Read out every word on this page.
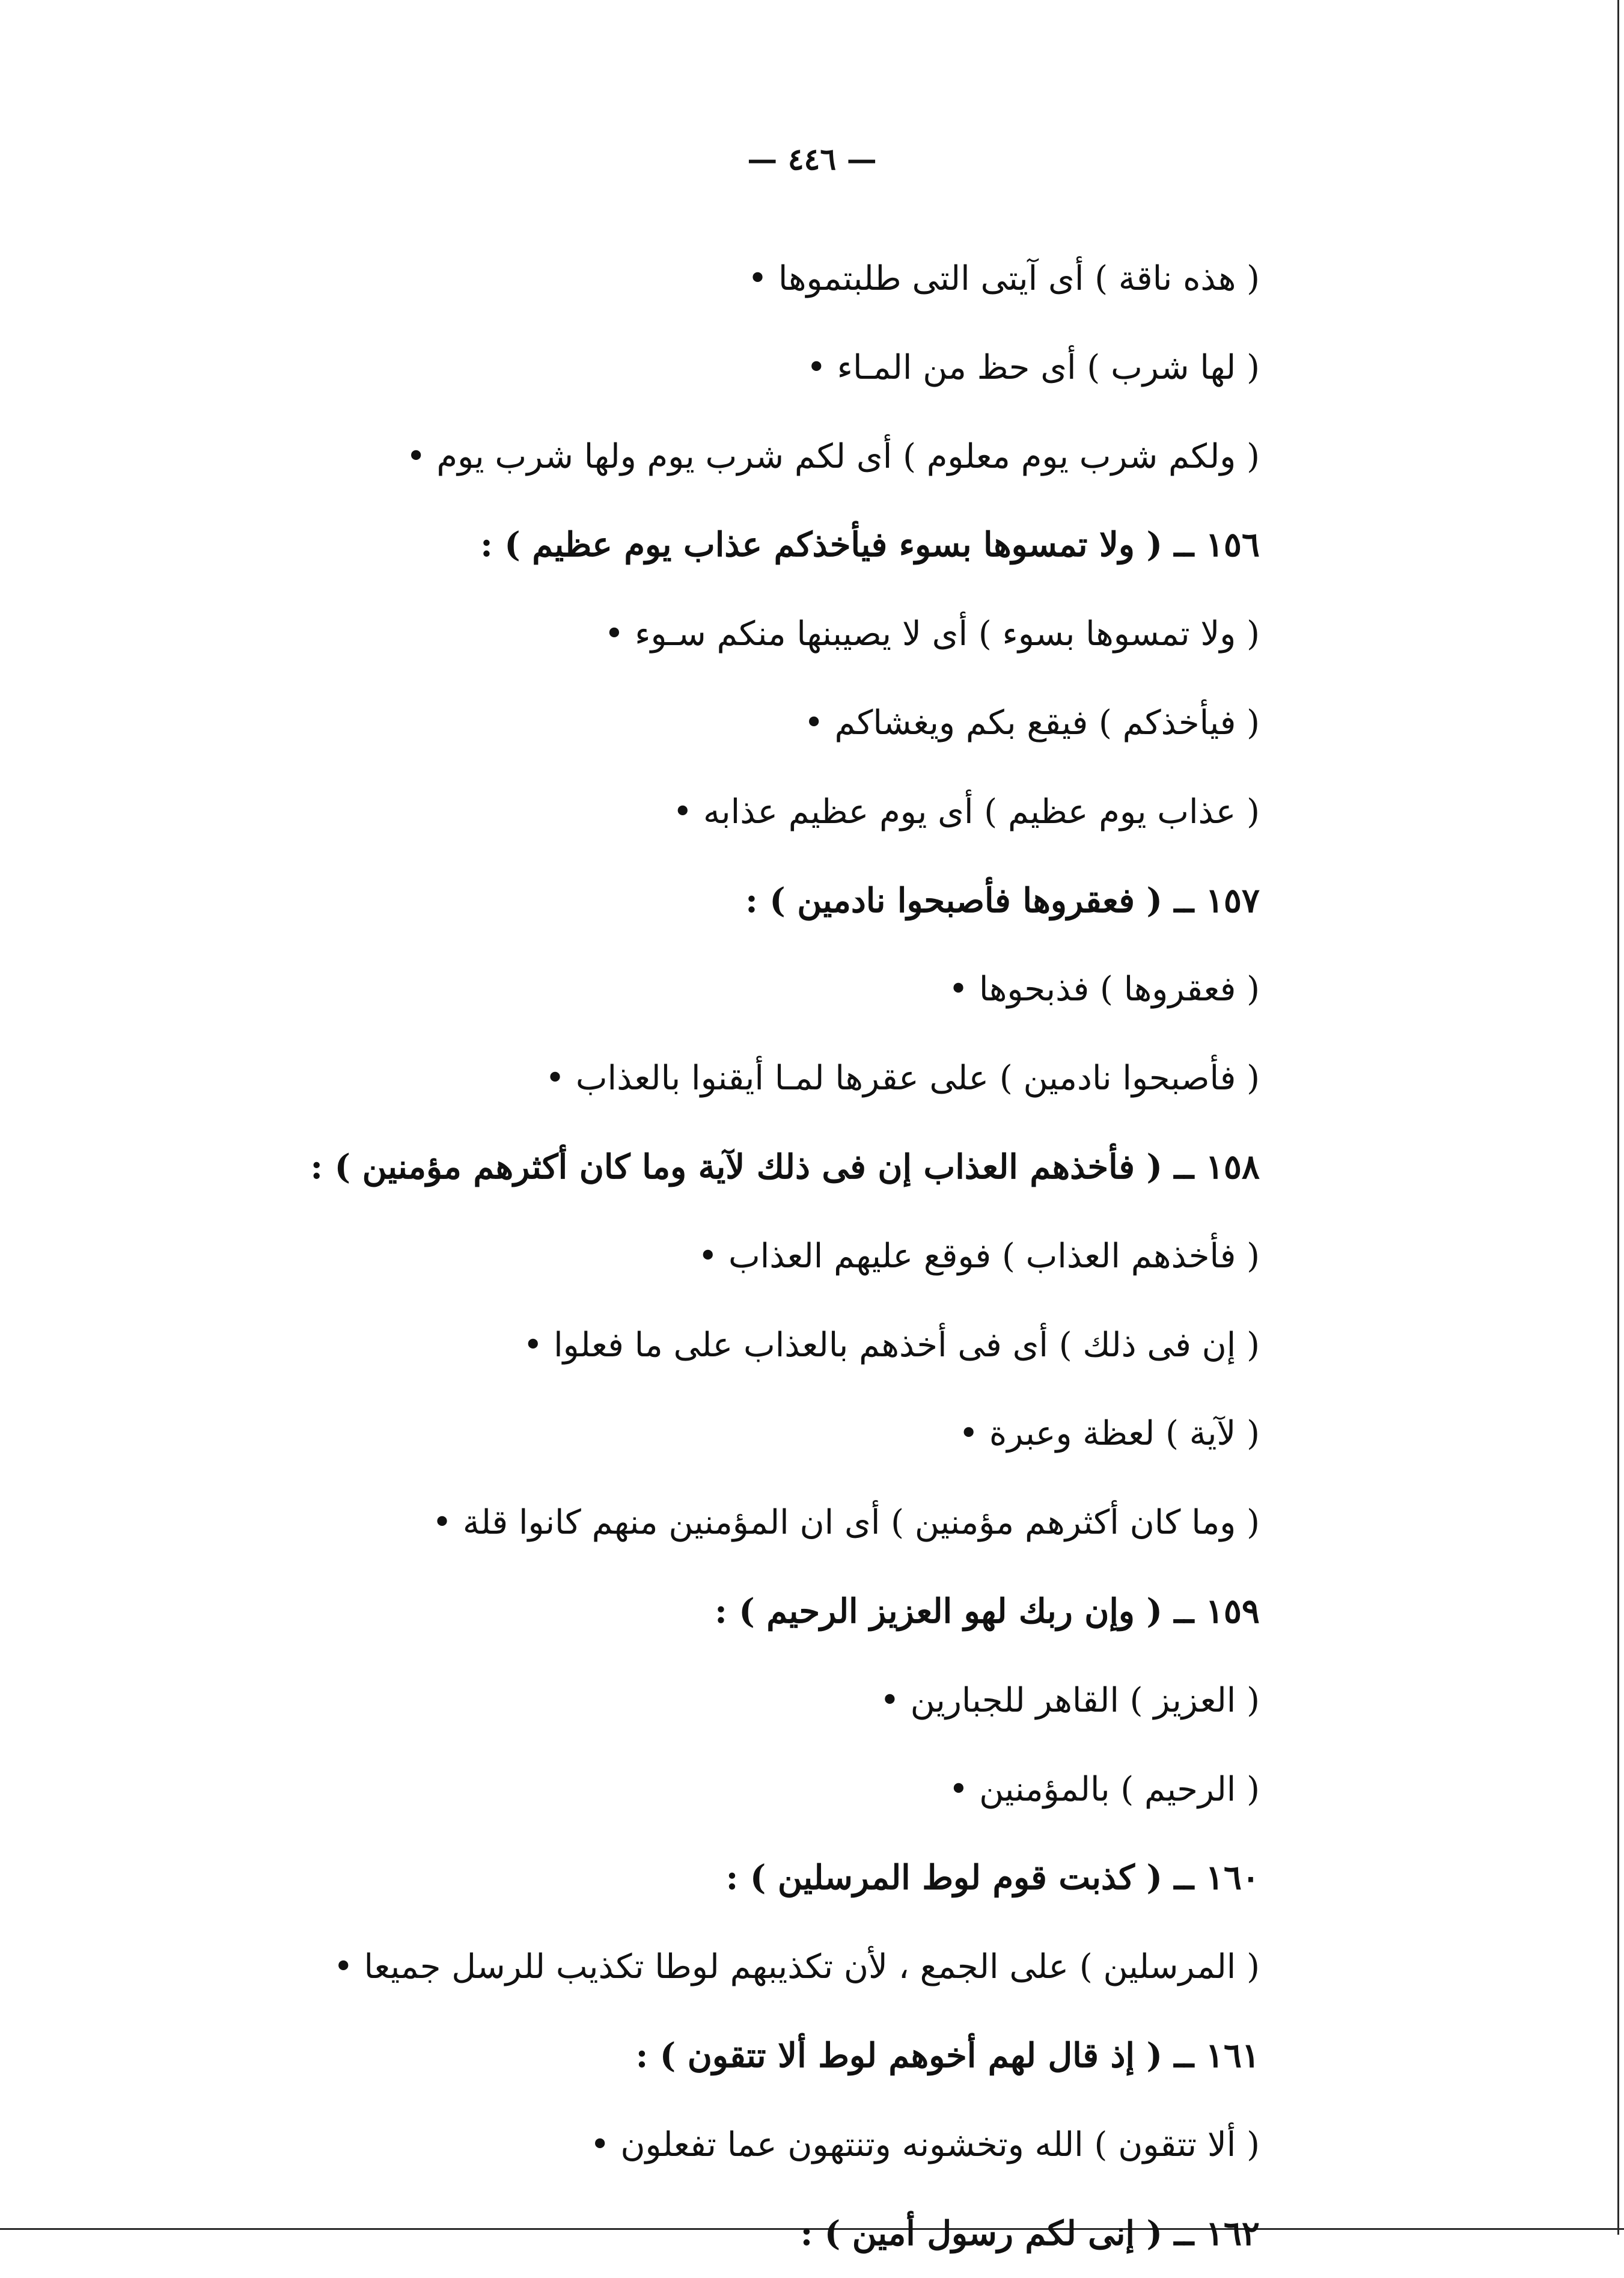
— ٤٤٦ —
( هذه ناقة ) أى آيتى التى طلبتموها •
( لها شرب ) أى حظ من المـاء •
( ولكم شرب يوم معلوم ) أى لكم شرب يوم ولها شرب يوم •
١٥٦ ــ ( ولا تمسوها بسوء فيأخذكم عذاب يوم عظيم ) :
( ولا تمسوها بسوء ) أى لا يصيبنها منكم سـوء •
( فيأخذكم ) فيقع بكم ويغشاكم •
( عذاب يوم عظيم ) أى يوم عظيم عذابه •
١٥٧ ــ ( فعقروها فأصبحوا نادمين ) :
( فعقروها ) فذبحوها •
( فأصبحوا نادمين ) على عقرها لمـا أيقنوا بالعذاب •
١٥٨ ــ ( فأخذهم العذاب إن فى ذلك لآية وما كان أكثرهم مؤمنين ) :
( فأخذهم العذاب ) فوقع عليهم العذاب •
( إن فى ذلك ) أى فى أخذهم بالعذاب على ما فعلوا •
( لآية ) لعظة وعبرة •
( وما كان أكثرهم مؤمنين ) أى ان المؤمنين منهم كانوا قلة •
١٥٩ ــ ( وإن ربك لهو العزيز الرحيم ) :
( العزيز ) القاهر للجبارين •
( الرحيم ) بالمؤمنين •
١٦٠ ــ ( كذبت قوم لوط المرسلين ) :
( المرسلين ) على الجمع ، لأن تكذيبهم لوطا تكذيب للرسل جميعا •
١٦١ ــ ( إذ قال لهم أخوهم لوط ألا تتقون ) :
( ألا تتقون ) الله وتخشونه وتنتهون عما تفعلون •
١٦٢ ــ ( إنى لكم رسول أمين ) :
